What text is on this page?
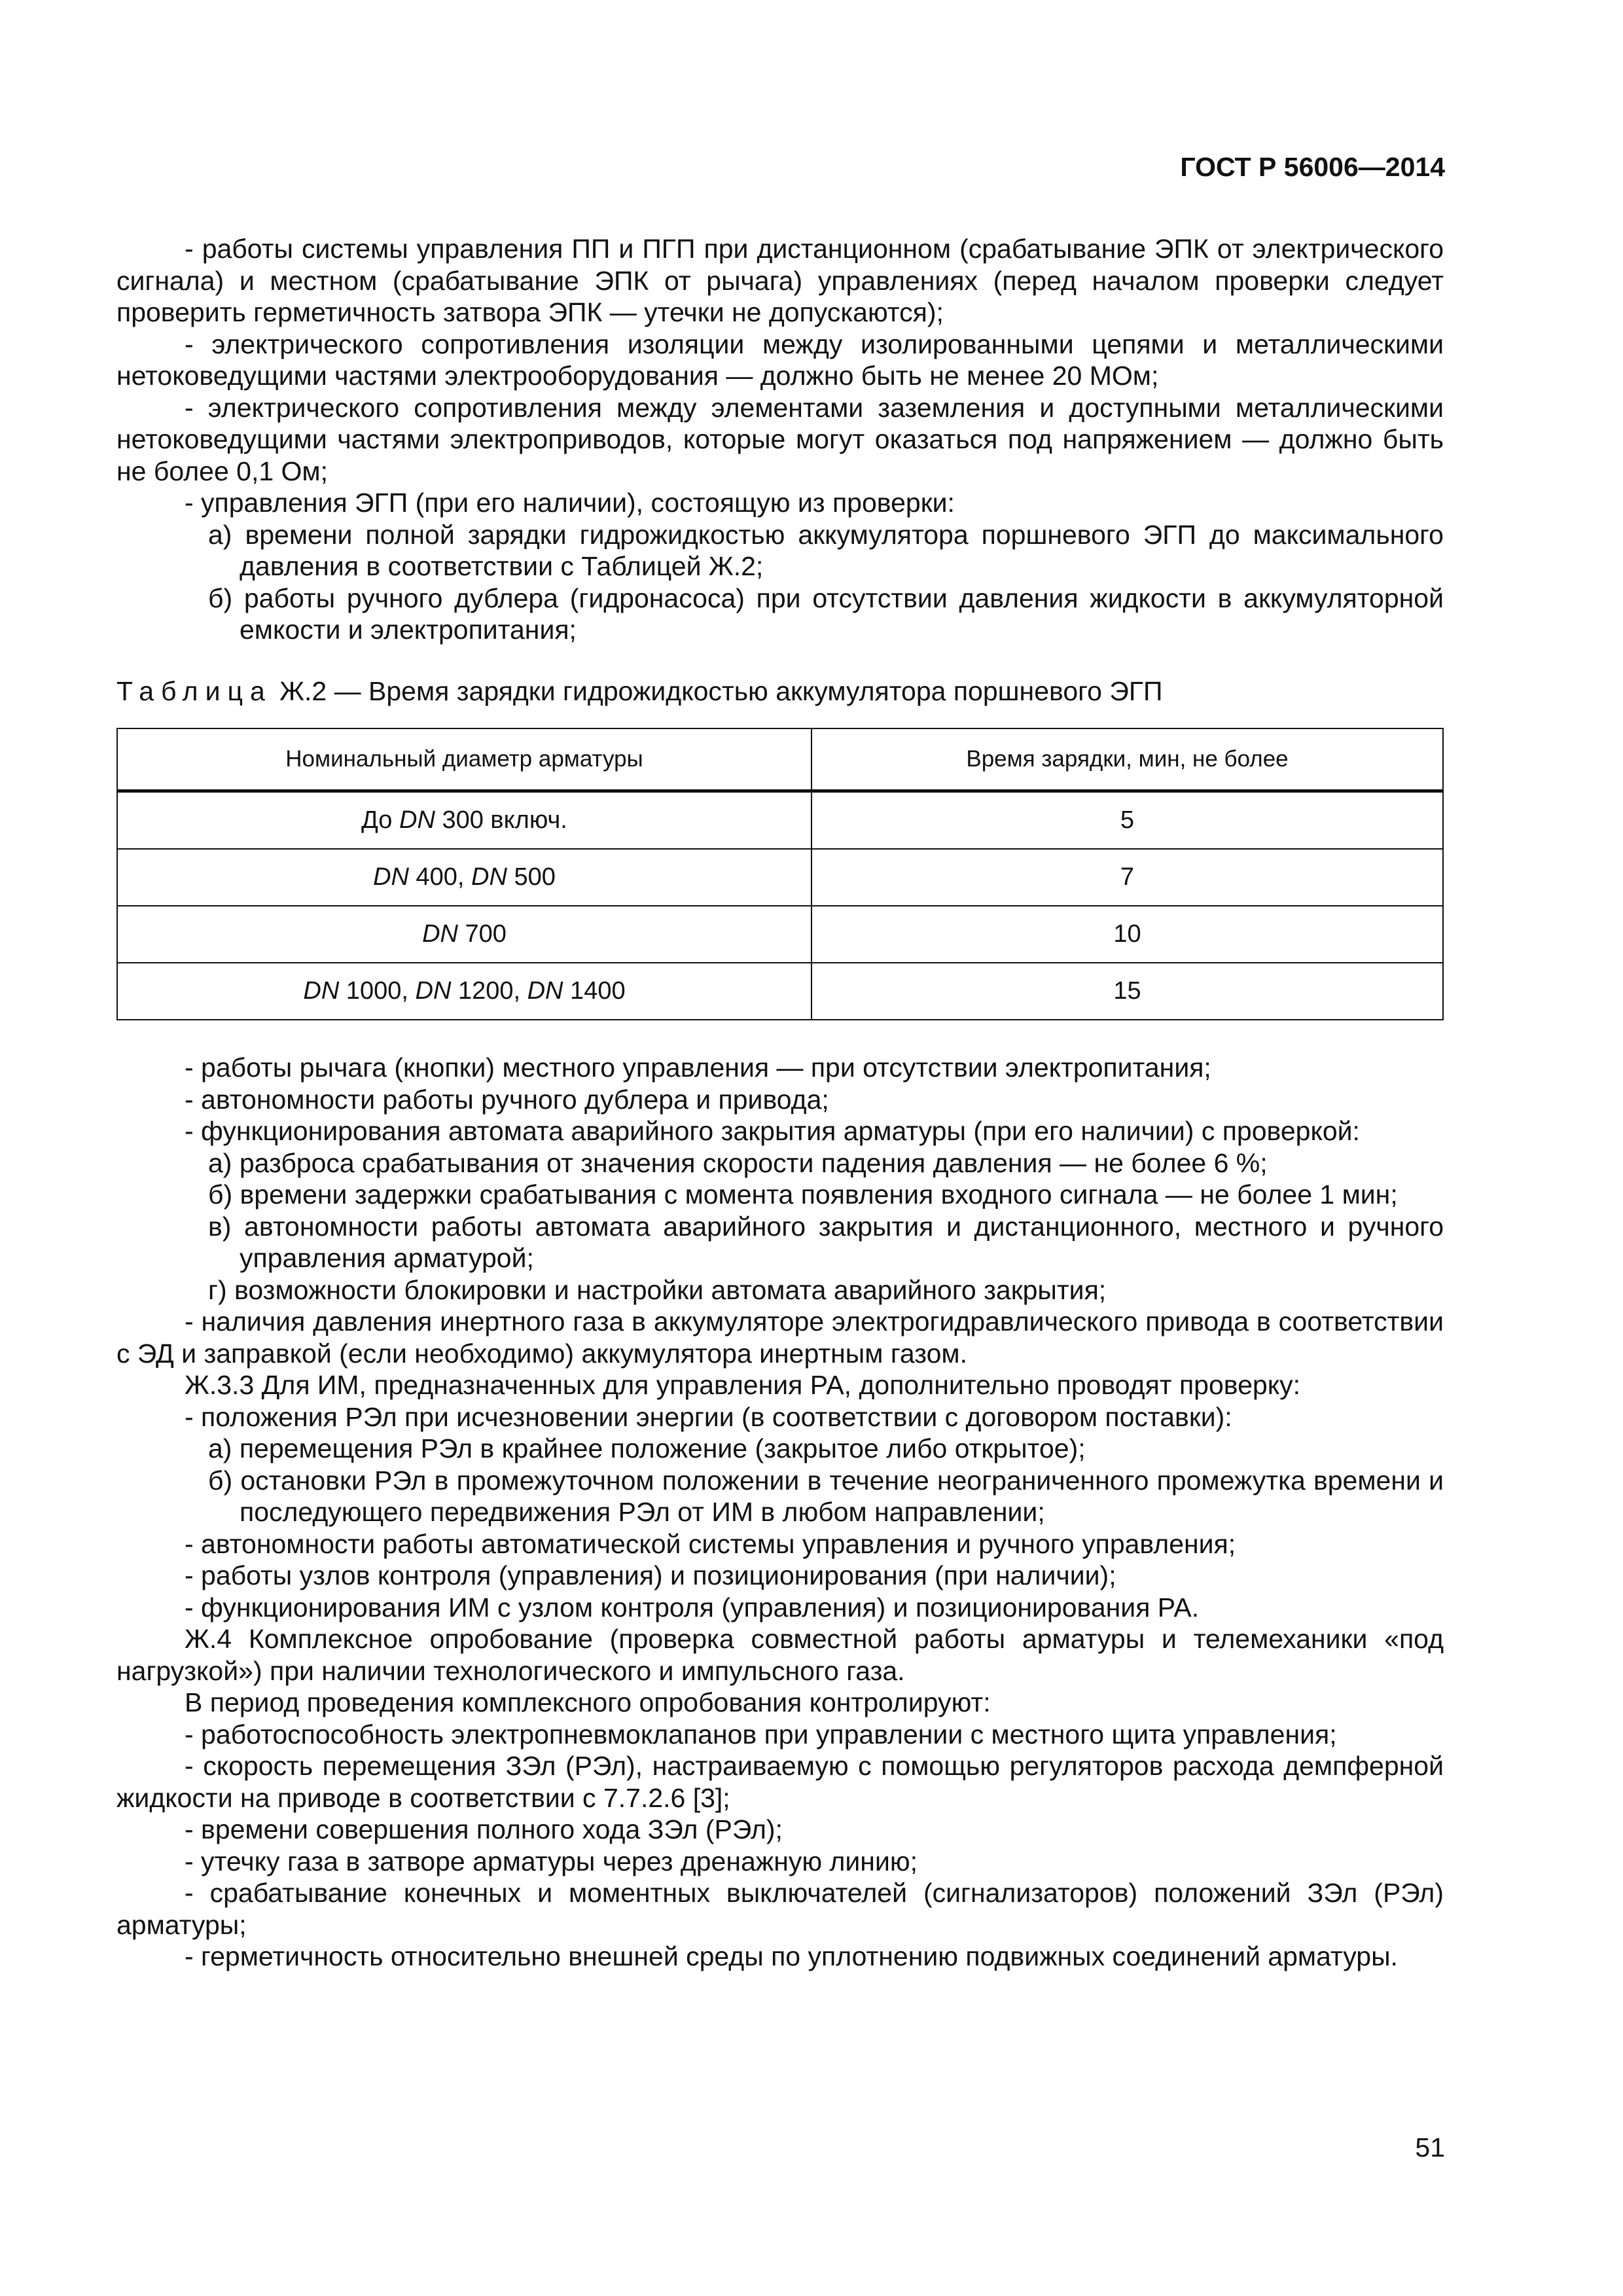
ГОСТ Р 56006—2014

- работы системы управления ПП и ПГП при дистанционном (срабатывание ЭПК от электрического сигнала) и местном (срабатывание ЭПК от рычага) управлениях (перед началом проверки следует проверить герметичность затвора ЭПК — утечки не допускаются);

- электрического сопротивления изоляции между изолированными цепями и металлическими нетоковедущими частями электрооборудования — должно быть не менее 20 МОм;

- электрического сопротивления между элементами заземления и доступными металлическими нетоковедущими частями электроприводов, которые могут оказаться под напряжением — должно быть не более 0,1 Ом;

- управления ЭГП (при его наличии), состоящую из проверки:

а) времени полной зарядки гидрожидкостью аккумулятора поршневого ЭГП до максимального давления в соответствии с Таблицей Ж.2;

б) работы ручного дублера (гидронасоса) при отсутствии давления жидкости в аккумуляторной емкости и электропитания;

Таблица Ж.2 — Время зарядки гидрожидкостью аккумулятора поршневого ЭГП
Номинальный диаметр арматуры	Время зарядки, мин, не более
До DN 300 включ.	5
DN 400, DN 500	7
DN 700	10
DN 1000, DN 1200, DN 1400	15

- работы рычага (кнопки) местного управления — при отсутствии электропитания;

- автономности работы ручного дублера и привода;

- функционирования автомата аварийного закрытия арматуры (при его наличии) с проверкой:

а) разброса срабатывания от значения скорости падения давления — не более 6 %;

б) времени задержки срабатывания с момента появления входного сигнала — не более 1 мин;

в) автономности работы автомата аварийного закрытия и дистанционного, местного и ручного управления арматурой;

г) возможности блокировки и настройки автомата аварийного закрытия;

- наличия давления инертного газа в аккумуляторе электрогидравлического привода в соответствии с ЭД и заправкой (если необходимо) аккумулятора инертным газом.

Ж.3.3 Для ИМ, предназначенных для управления РА, дополнительно проводят проверку:

- положения РЭл при исчезновении энергии (в соответствии с договором поставки):

а) перемещения РЭл в крайнее положение (закрытое либо открытое);

б) остановки РЭл в промежуточном положении в течение неограниченного промежутка времени и последующего передвижения РЭл от ИМ в любом направлении;

- автономности работы автоматической системы управления и ручного управления;

- работы узлов контроля (управления) и позиционирования (при наличии);

- функционирования ИМ с узлом контроля (управления) и позиционирования РА.

Ж.4 Комплексное опробование (проверка совместной работы арматуры и телемеханики «под нагрузкой») при наличии технологического и импульсного газа.

В период проведения комплексного опробования контролируют:

- работоспособность электропневмоклапанов при управлении с местного щита управления;

- скорость перемещения ЗЭл (РЭл), настраиваемую с помощью регуляторов расхода демпферной жидкости на приводе в соответствии с 7.7.2.6 [3];

- времени совершения полного хода ЗЭл (РЭл);

- утечку газа в затворе арматуры через дренажную линию;

- срабатывание конечных и моментных выключателей (сигнализаторов) положений ЗЭл (РЭл) арматуры;

- герметичность относительно внешней среды по уплотнению подвижных соединений арматуры.

51
